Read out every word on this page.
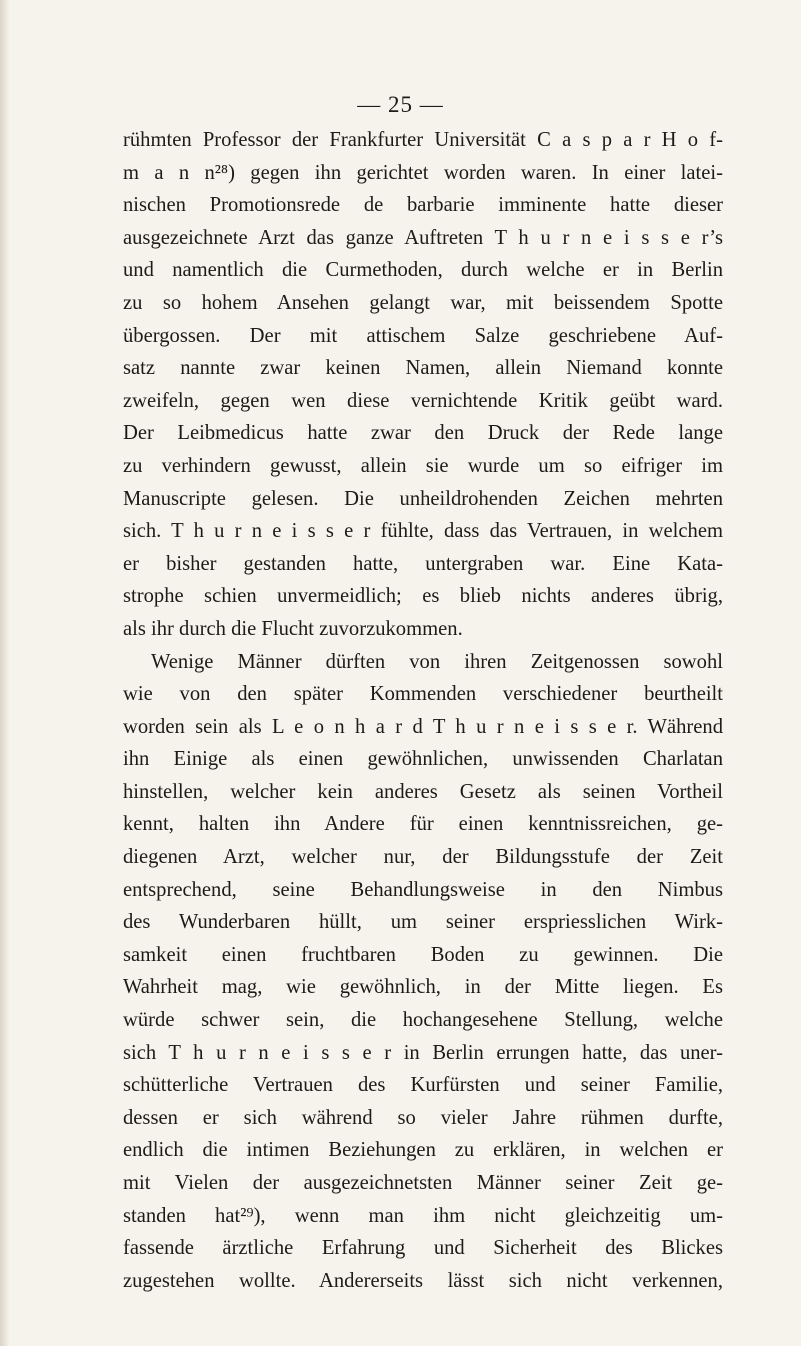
— 25 —
rühmten Professor der Frankfurter Universität C a s p a r H o f-
m a n n²⁸) gegen ihn gerichtet worden waren. In einer latei-
nischen Promotionsrede de barbarie imminente hatte dieser
ausgezeichnete Arzt das ganze Auftreten T h u r n e i s s e r’s
und namentlich die Curmethoden, durch welche er in Berlin
zu so hohem Ansehen gelangt war, mit beissendem Spotte
übergossen. Der mit attischem Salze geschriebene Auf-
satz nannte zwar keinen Namen, allein Niemand konnte
zweifeln, gegen wen diese vernichtende Kritik geübt ward.
Der Leibmedicus hatte zwar den Druck der Rede lange
zu verhindern gewusst, allein sie wurde um so eifriger im
Manuscripte gelesen. Die unheildrohenden Zeichen mehrten
sich. T h u r n e i s s e r fühlte, dass das Vertrauen, in welchem
er bisher gestanden hatte, untergraben war. Eine Kata-
strophe schien unvermeidlich; es blieb nichts anderes übrig,
als ihr durch die Flucht zuvorzukommen.
Wenige Männer dürften von ihren Zeitgenossen sowohl
wie von den später Kommenden verschiedener beurtheilt
worden sein als L e o n h a r d T h u r n e i s s e r. Während
ihn Einige als einen gewöhnlichen, unwissenden Charlatan
hinstellen, welcher kein anderes Gesetz als seinen Vortheil
kennt, halten ihn Andere für einen kenntnissreichen, ge-
diegenen Arzt, welcher nur, der Bildungsstufe der Zeit
entsprechend, seine Behandlungsweise in den Nimbus
des Wunderbaren hüllt, um seiner erspriesslichen Wirk-
samkeit einen fruchtbaren Boden zu gewinnen. Die
Wahrheit mag, wie gewöhnlich, in der Mitte liegen. Es
würde schwer sein, die hochangesehene Stellung, welche
sich T h u r n e i s s e r in Berlin errungen hatte, das uner-
schütterliche Vertrauen des Kurfürsten und seiner Familie,
dessen er sich während so vieler Jahre rühmen durfte,
endlich die intimen Beziehungen zu erklären, in welchen er
mit Vielen der ausgezeichnetsten Männer seiner Zeit ge-
standen hat²⁹), wenn man ihm nicht gleichzeitig um-
fassende ärztliche Erfahrung und Sicherheit des Blickes
zugestehen wollte. Andererseits lässt sich nicht verkennen,
